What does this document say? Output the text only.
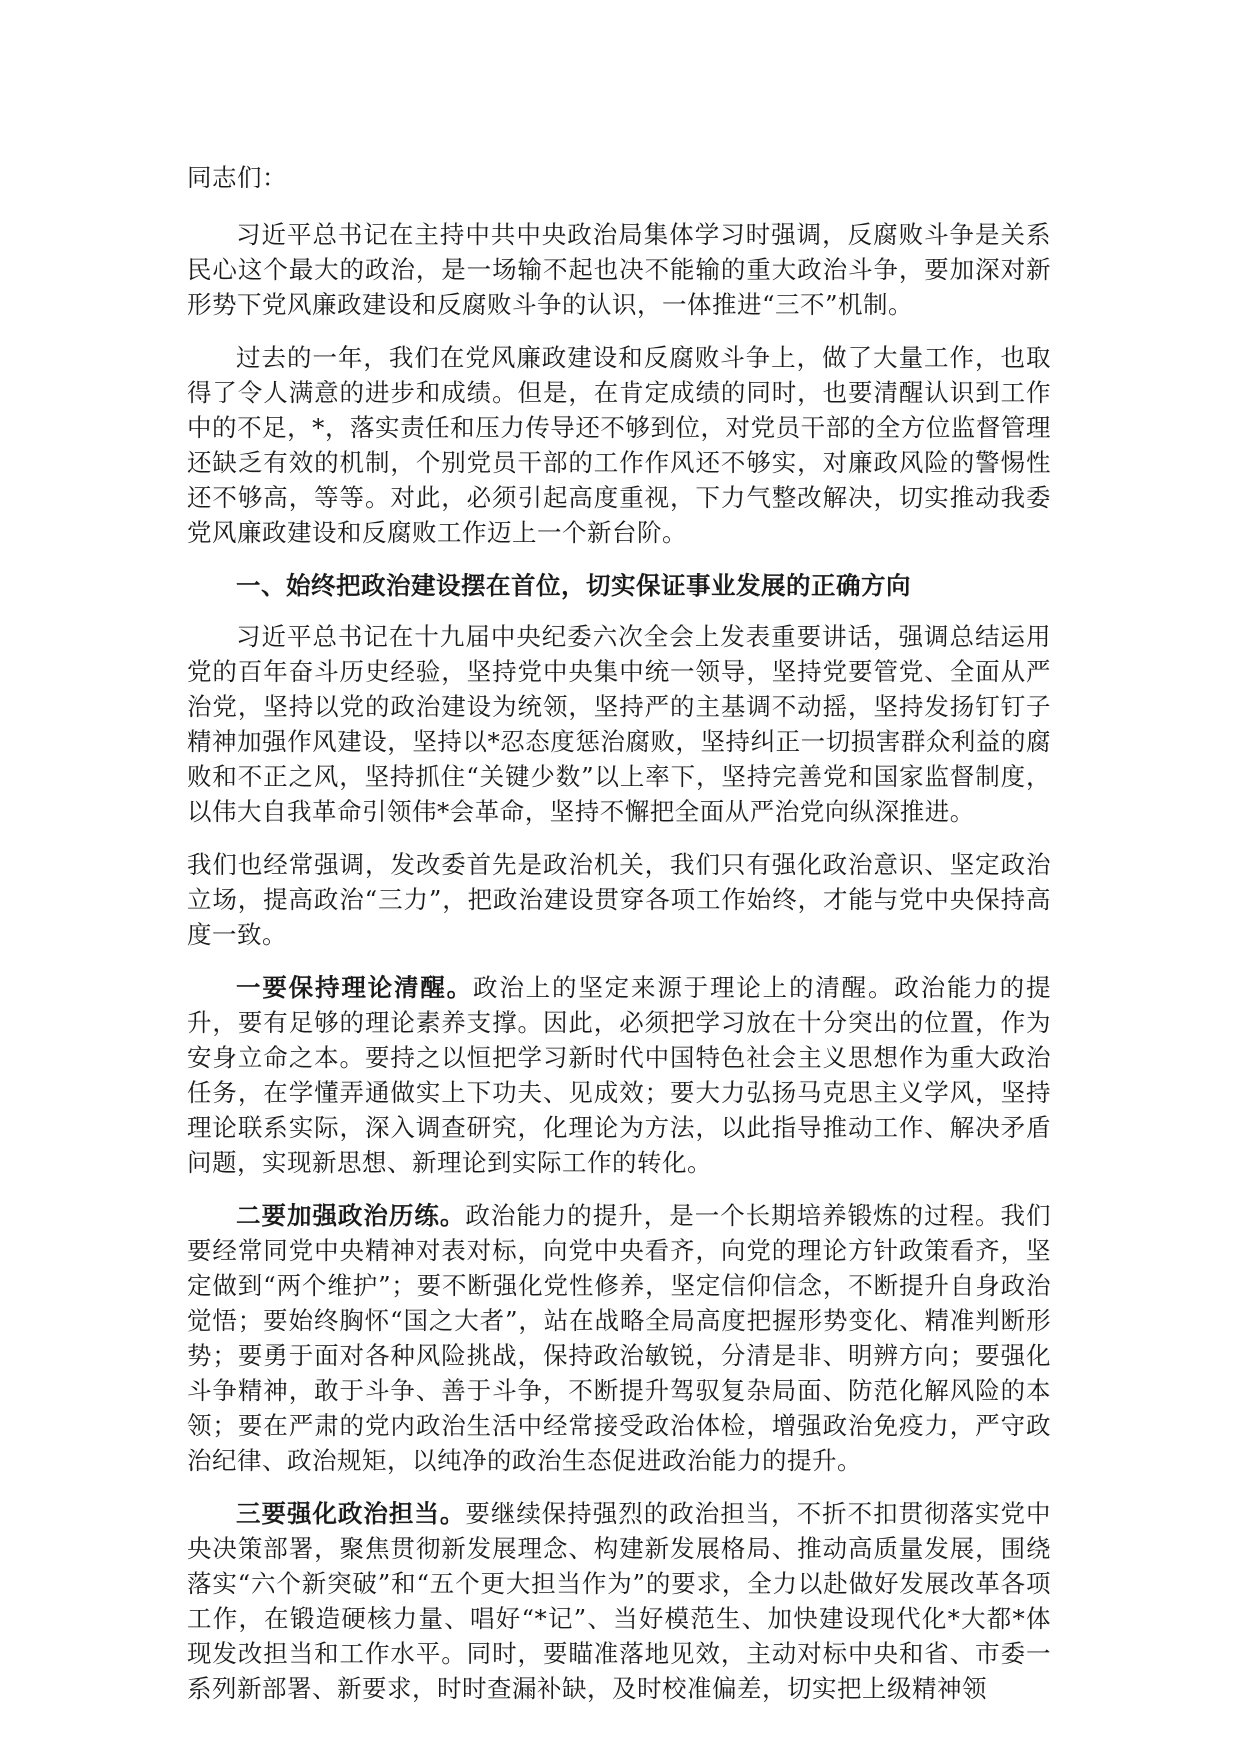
同志们：

习近平总书记在主持中共中央政治局集体学习时强调，反腐败斗争是关系民心这个最大的政治，是一场输不起也决不能输的重大政治斗争，要加深对新形势下党风廉政建设和反腐败斗争的认识，一体推进“三不”机制。

过去的一年，我们在党风廉政建设和反腐败斗争上，做了大量工作，也取得了令人满意的进步和成绩。但是，在肯定成绩的同时，也要清醒认识到工作中的不足，*，落实责任和压力传导还不够到位，对党员干部的全方位监督管理还缺乏有效的机制，个别党员干部的工作作风还不够实，对廉政风险的警惕性还不够高，等等。对此，必须引起高度重视，下力气整改解决，切实推动我委党风廉政建设和反腐败工作迈上一个新台阶。

一、始终把政治建设摆在首位，切实保证事业发展的正确方向

习近平总书记在十九届中央纪委六次全会上发表重要讲话，强调总结运用党的百年奋斗历史经验，坚持党中央集中统一领导，坚持党要管党、全面从严治党，坚持以党的政治建设为统领，坚持严的主基调不动摇，坚持发扬钉钉子精神加强作风建设，坚持以*忍态度惩治腐败，坚持纠正一切损害群众利益的腐败和不正之风，坚持抓住“关键少数”以上率下，坚持完善党和国家监督制度，以伟大自我革命引领伟*会革命，坚持不懈把全面从严治党向纵深推进。

我们也经常强调，发改委首先是政治机关，我们只有强化政治意识、坚定政治立场，提高政治“三力”，把政治建设贯穿各项工作始终，才能与党中央保持高度一致。

一要保持理论清醒。政治上的坚定来源于理论上的清醒。政治能力的提升，要有足够的理论素养支撑。因此，必须把学习放在十分突出的位置，作为安身立命之本。要持之以恒把学习新时代中国特色社会主义思想作为重大政治任务，在学懂弄通做实上下功夫、见成效；要大力弘扬马克思主义学风，坚持理论联系实际，深入调查研究，化理论为方法，以此指导推动工作、解决矛盾问题，实现新思想、新理论到实际工作的转化。

二要加强政治历练。政治能力的提升，是一个长期培养锻炼的过程。我们要经常同党中央精神对表对标，向党中央看齐，向党的理论方针政策看齐，坚定做到“两个维护”；要不断强化党性修养，坚定信仰信念，不断提升自身政治觉悟；要始终胸怀“国之大者”，站在战略全局高度把握形势变化、精准判断形势；要勇于面对各种风险挑战，保持政治敏锐，分清是非、明辨方向；要强化斗争精神，敢于斗争、善于斗争，不断提升驾驭复杂局面、防范化解风险的本领；要在严肃的党内政治生活中经常接受政治体检，增强政治免疫力，严守政治纪律、政治规矩，以纯净的政治生态促进政治能力的提升。

三要强化政治担当。要继续保持强烈的政治担当，不折不扣贯彻落实党中央决策部署，聚焦贯彻新发展理念、构建新发展格局、推动高质量发展，围绕落实“六个新突破”和“五个更大担当作为”的要求，全力以赴做好发展改革各项工作，在锻造硬核力量、唱好“*记”、当好模范生、加快建设现代化*大都*体现发改担当和工作水平。同时，要瞄准落地见效，主动对标中央和省、市委一系列新部署、新要求，时时查漏补缺，及时校准偏差，切实把上级精神领
